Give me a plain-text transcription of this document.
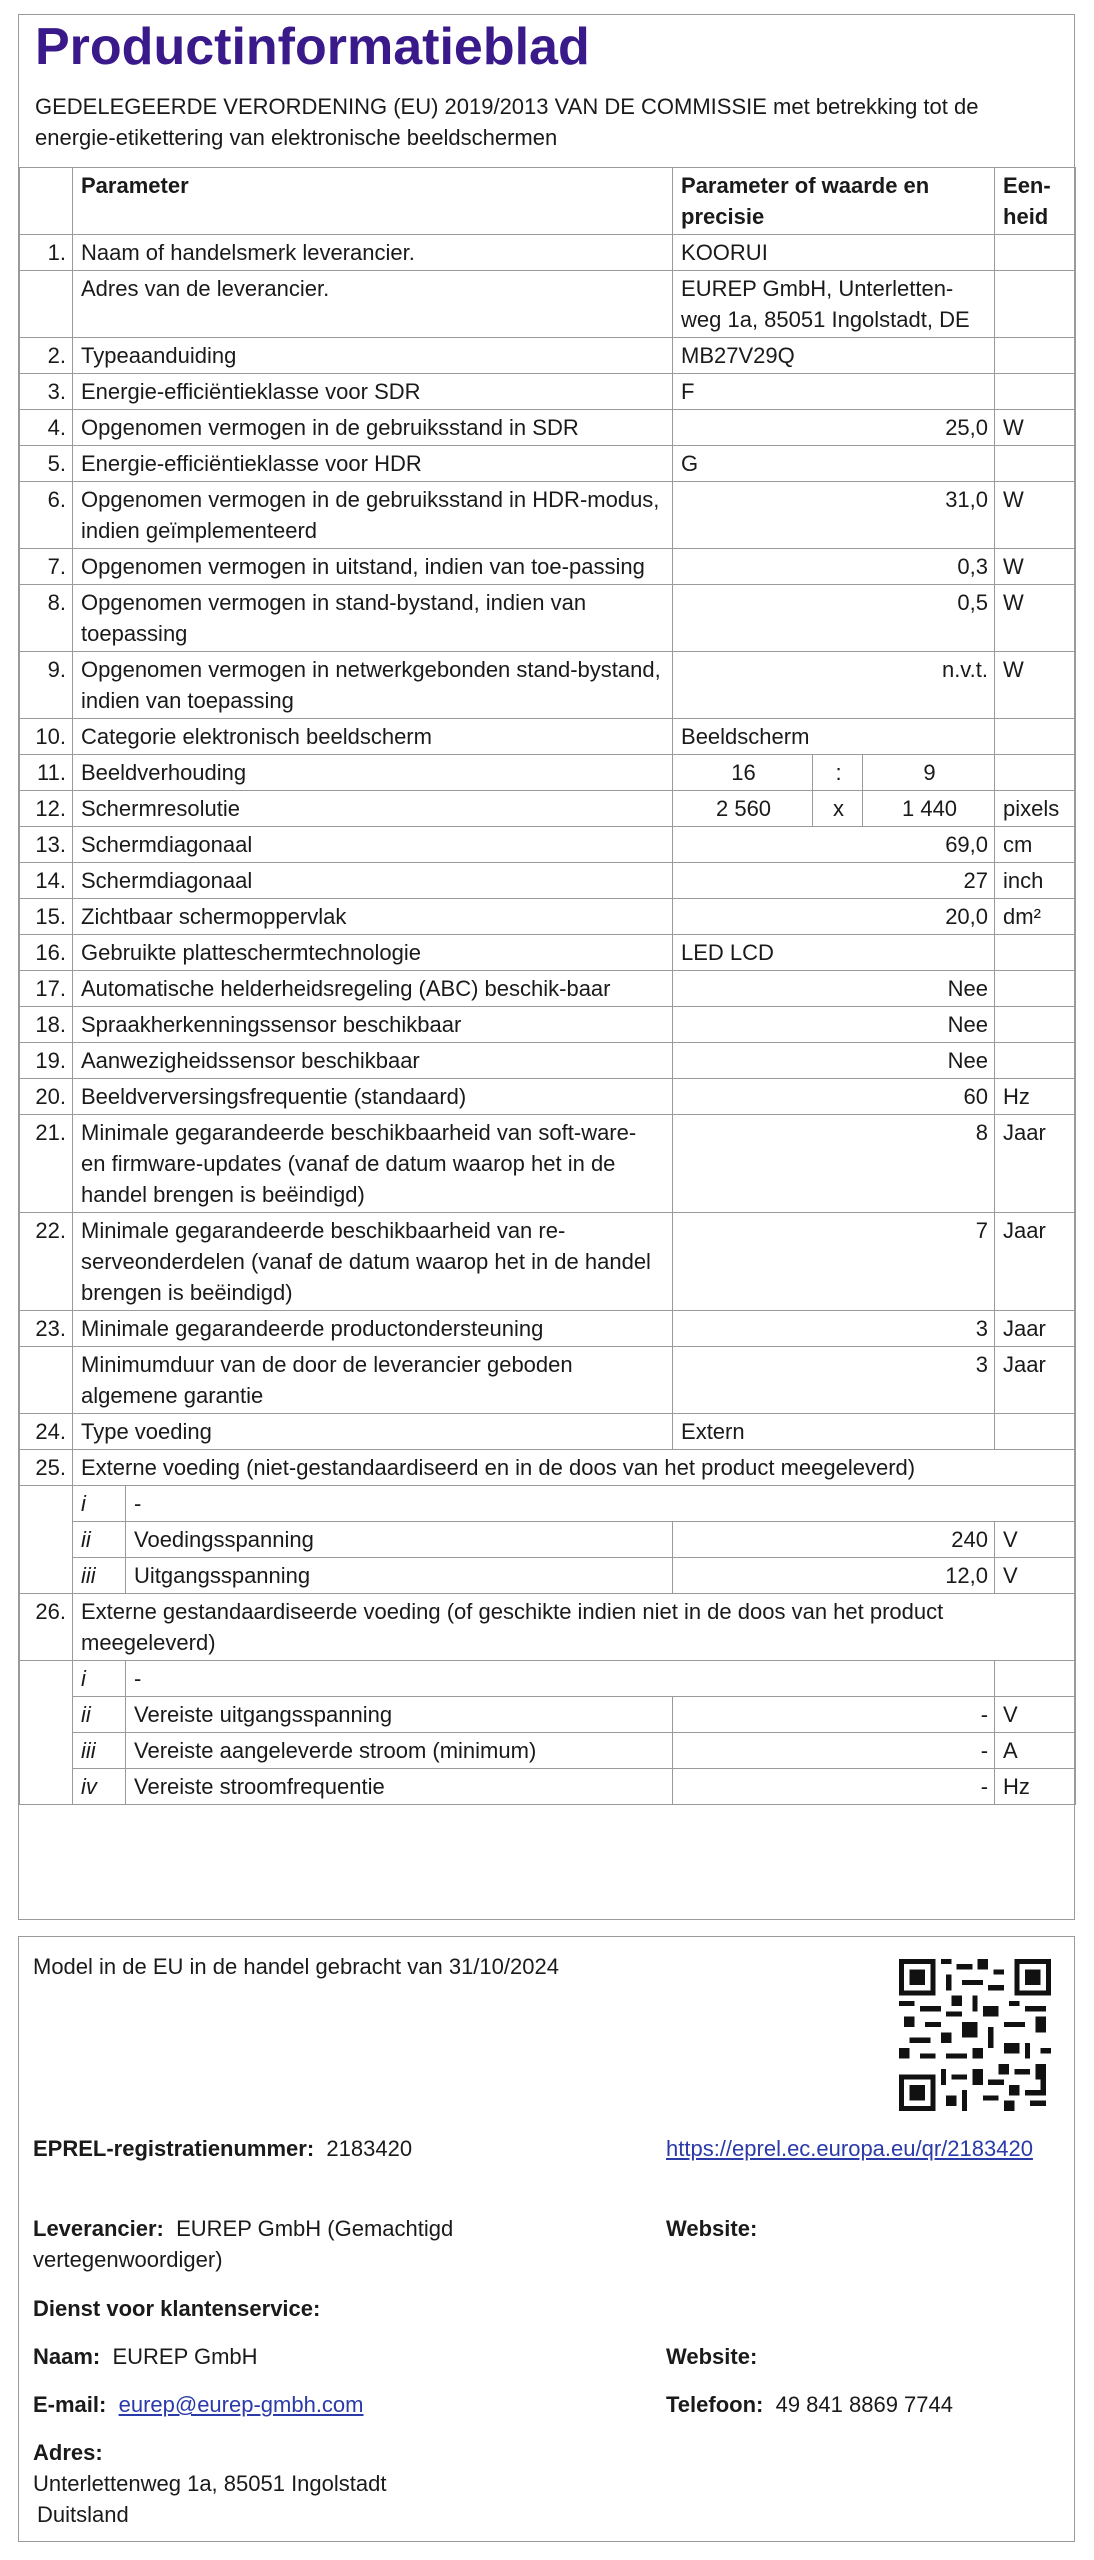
Productinformatieblad
GEDELEGEERDE VERORDENING (EU) 2019/2013 VAN DE COMMISSIE met betrekking tot de energie-etikettering van elektronische beeldschermen
	Parameter		Parameter of waarde en precisie			Een-heid
1.	Naam of handelsmerk leverancier.		KOORUI			
	Adres van de leverancier.		EUREP GmbH, Unterletten-weg 1a, 85051 Ingolstadt, DE			
2.	Typeaanduiding		MB27V29Q			
3.	Energie-efficiëntieklasse voor SDR		F			
4.	Opgenomen vermogen in de gebruiksstand in SDR		25,0			W
5.	Energie-efficiëntieklasse voor HDR		G			
6.	Opgenomen vermogen in de gebruiksstand in HDR-modus, indien geïmplementeerd		31,0			W
7.	Opgenomen vermogen in uitstand, indien van toe-passing		0,3			W
8.	Opgenomen vermogen in stand-bystand, indien van toepassing		0,5			W
9.	Opgenomen vermogen in netwerkgebonden stand-bystand, indien van toepassing		n.v.t.			W
10.	Categorie elektronisch beeldscherm		Beeldscherm			
11.	Beeldverhouding		16	:	9	
12.	Schermresolutie		2 560	x	1 440	pixels
13.	Schermdiagonaal		69,0			cm
14.	Schermdiagonaal		27			inch
15.	Zichtbaar schermoppervlak		20,0			dm²
16.	Gebruikte platteschermtechnologie		LED LCD			
17.	Automatische helderheidsregeling (ABC) beschik-baar		Nee			
18.	Spraakherkenningssensor beschikbaar		Nee			
19.	Aanwezigheidssensor beschikbaar		Nee			
20.	Beeldverversingsfrequentie (standaard)		60			Hz
21.	Minimale gegarandeerde beschikbaarheid van soft-ware- en firmware-updates (vanaf de datum waarop het in de handel brengen is beëindigd)		8			Jaar
22.	Minimale gegarandeerde beschikbaarheid van re-serveonderdelen (vanaf de datum waarop het in de handel brengen is beëindigd)		7			Jaar
23.	Minimale gegarandeerde productondersteuning		3			Jaar
	Minimumduur van de door de leverancier geboden algemene garantie		3			Jaar
24.	Type voeding		Extern			
25.	Externe voeding (niet-gestandaardiseerd en in de doos van het product meegeleverd)					
	i	-				
	ii	Voedingsspanning	240			V
	iii	Uitgangsspanning	12,0			V
26.	Externe gestandaardiseerde voeding (of geschikte indien niet in de doos van het product meegeleverd)					
	i	-				
	ii	Vereiste uitgangsspanning	-			V
	iii	Vereiste aangeleverde stroom (minimum)	-			A
	iv	Vereiste stroomfrequentie	-			Hz
Model in de EU in de handel gebracht van 31/10/2024
EPREL-registratienummer: 2183420	https://eprel.ec.europa.eu/qr/2183420
Leverancier: EUREP GmbH (Gemachtigd vertegenwoordiger)
Website:
Dienst voor klantenservice:
Naam: EUREP GmbH	Website:
E-mail: eurep@eurep-gmbh.com	Telefoon: 49 841 8869 7744
Adres:
Unterlettenweg 1a, 85051 Ingolstadt
Duitsland
